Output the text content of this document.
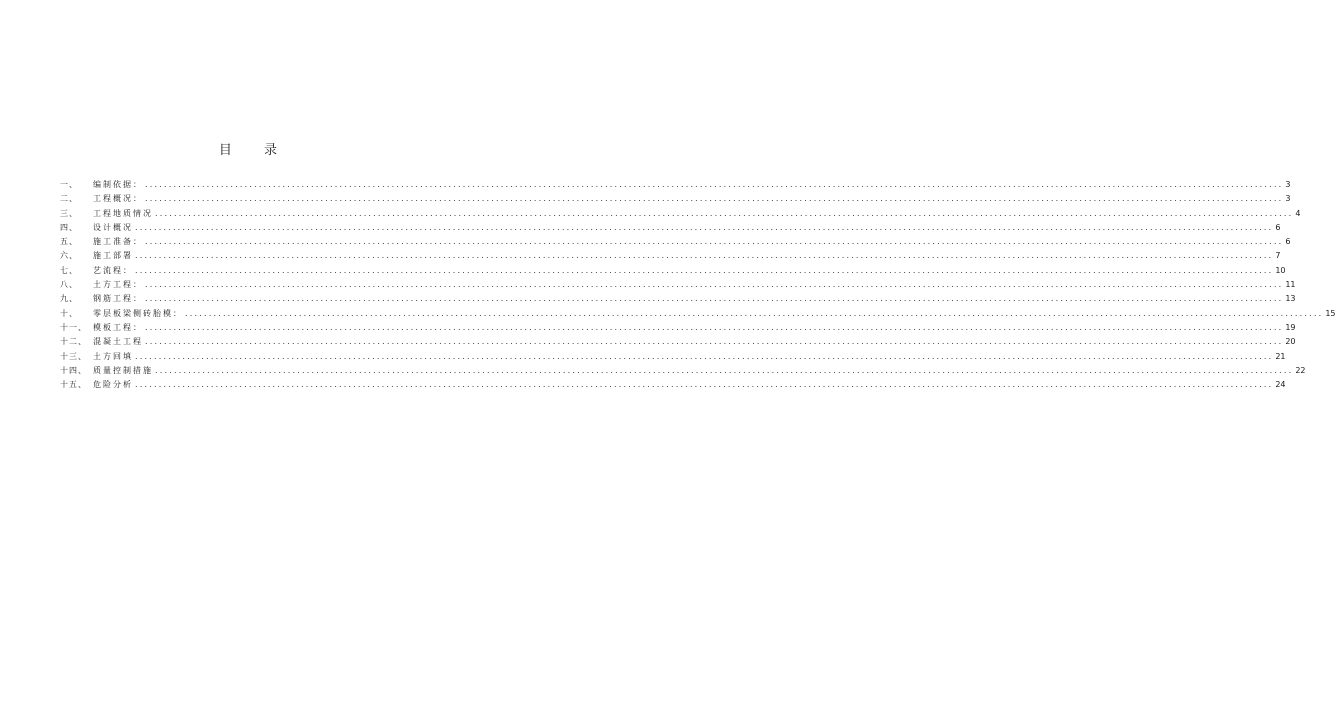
目 录
一、	编制依据： ................................................................................................................................................................................................................................................ 3
二、	工程概况： ................................................................................................................................................................................................................................................ 3
三、	工程地质情况 ................................................................................................................................................................................................................................................ 4
四、	设计概况 ................................................................................................................................................................................................................................................ 6
五、	施工准备： ................................................................................................................................................................................................................................................ 6
六、	施工部署 ................................................................................................................................................................................................................................................ 7
七、	艺流程： ................................................................................................................................................................................................................................................ 10
八、	土方工程： ................................................................................................................................................................................................................................................ 11
九、	钢筋工程： ................................................................................................................................................................................................................................................ 13
十、	零层板梁侧砖胎模： ................................................................................................................................................................................................................................................ 15
十一、 模板工程： ................................................................................................................................................................................................................................................ 19
十二、 混凝土工程 ................................................................................................................................................................................................................................................ 20
十三、 土方回填 ................................................................................................................................................................................................................................................ 21
十四、 质量控制措施 ................................................................................................................................................................................................................................................ 22
十五、 危险分析 ................................................................................................................................................................................................................................................ 24
